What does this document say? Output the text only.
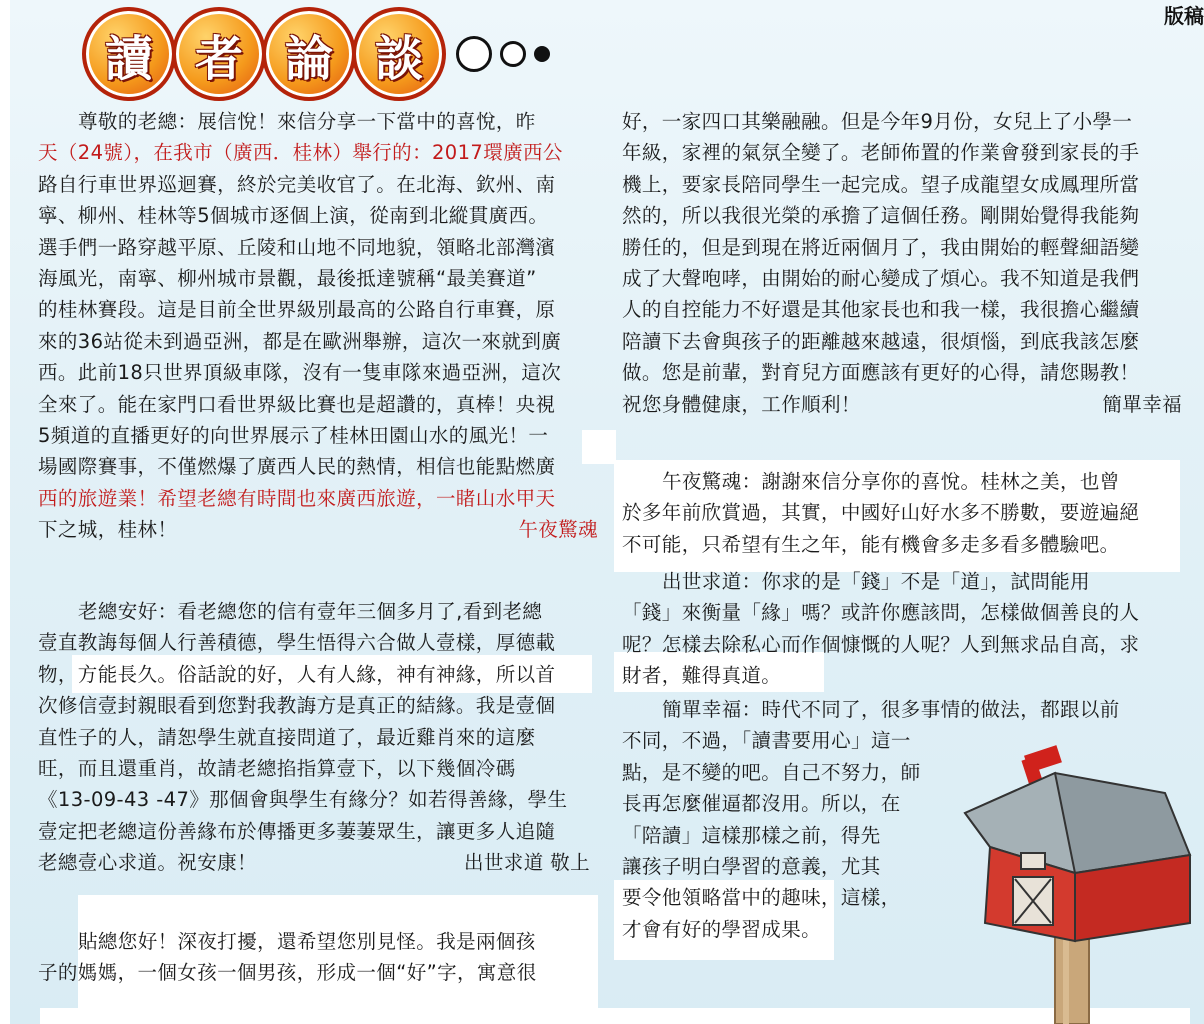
版稿
讀 者 論 談
尊敬的老總：展信悅！來信分享一下當中的喜悅，昨
天（24號），在我市（廣西．桂林）舉行的：2017環廣西公
路自行車世界巡迴賽，終於完美收官了。在北海、欽州、南
寧、柳州、桂林等5個城市逐個上演，從南到北縱貫廣西。
選手們一路穿越平原、丘陵和山地不同地貌，領略北部灣濱
海風光，南寧、柳州城市景觀，最後抵達號稱“最美賽道”
的桂林賽段。這是目前全世界級別最高的公路自行車賽，原
來的36站從未到過亞洲，都是在歐洲舉辦，這次一來就到廣
西。此前18只世界頂級車隊，沒有一隻車隊來過亞洲，這次
全來了。能在家門口看世界級比賽也是超讚的，真棒！央視
5頻道的直播更好的向世界展示了桂林田園山水的風光！一
場國際賽事，不僅燃爆了廣西人民的熱情，相信也能點燃廣
西的旅遊業！希望老總有時間也來廣西旅遊，一睹山水甲天
下之城，桂林！	午夜驚魂
老總安好：看老總您的信有壹年三個多月了,看到老總
壹直教誨每個人行善積德，學生悟得六合做人壹樣，厚德載
物，方能長久。俗話說的好，人有人緣，神有神緣，所以首
次修信壹封親眼看到您對我教誨方是真正的結緣。我是壹個
直性子的人，請恕學生就直接問道了，最近雞肖來的這麼
旺，而且還重肖，故請老總掐指算壹下，以下幾個冷碼
《13-09-43 -47》那個會與學生有緣分？如若得善緣，學生
壹定把老總這份善緣布於傳播更多萋萋眾生，讓更多人追隨
老總壹心求道。祝安康！	出世求道 敬上
貼總您好！深夜打擾，還希望您別見怪。我是兩個孩
子的媽媽，一個女孩一個男孩，形成一個“好”字，寓意很
好，一家四口其樂融融。但是今年9月份，女兒上了小學一
年級，家裡的氣氛全變了。老師佈置的作業會發到家長的手
機上，要家長陪同學生一起完成。望子成龍望女成鳳理所當
然的，所以我很光榮的承擔了這個任務。剛開始覺得我能夠
勝任的，但是到現在將近兩個月了，我由開始的輕聲細語變
成了大聲咆哮，由開始的耐心變成了煩心。我不知道是我們
人的自控能力不好還是其他家長也和我一樣，我很擔心繼續
陪讀下去會與孩子的距離越來越遠，很煩惱，到底我該怎麼
做。您是前輩，對育兒方面應該有更好的心得，請您賜教！
祝您身體健康，工作順利！	簡單幸福
午夜驚魂：謝謝來信分享你的喜悅。桂林之美，也曾
於多年前欣賞過，其實，中國好山好水多不勝數，要遊遍絕
不可能，只希望有生之年，能有機會多走多看多體驗吧。
出世求道：你求的是「錢」不是「道」，試問能用
「錢」來衡量「緣」嗎？或許你應該問，怎樣做個善良的人
呢？怎樣去除私心而作個慷慨的人呢？人到無求品自高，求
財者，難得真道。
簡單幸福：時代不同了，很多事情的做法，都跟以前
不同，不過，「讀書要用心」這一
點，是不變的吧。自己不努力，師
長再怎麼催逼都沒用。所以，在
「陪讀」這樣那樣之前，得先
讓孩子明白學習的意義，尤其
要令他領略當中的趣味，這樣，
才會有好的學習成果。
